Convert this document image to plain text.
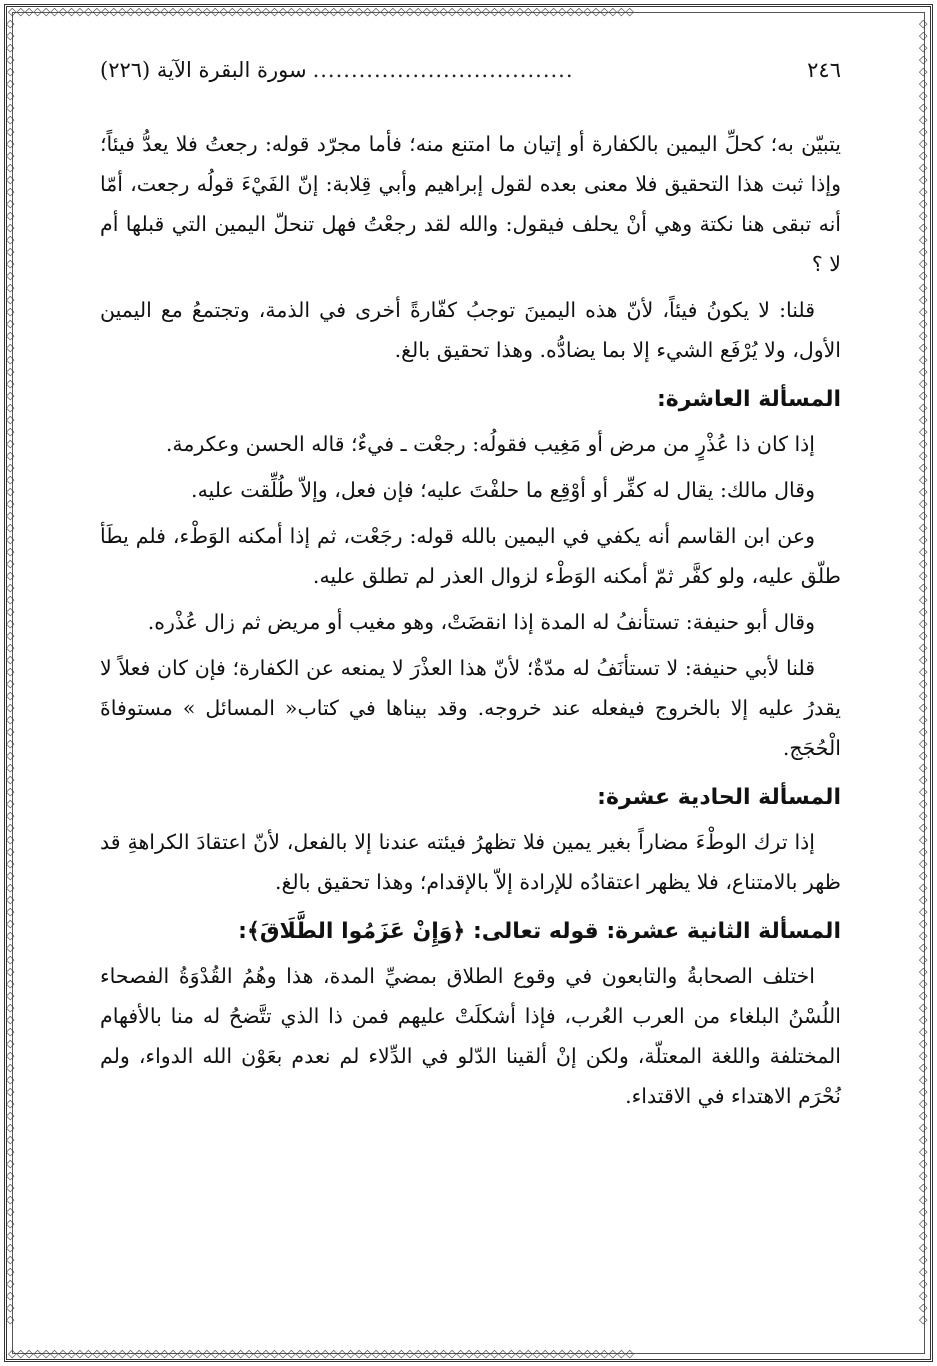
◇◇◇◇◇◇◇◇◇◇◇◇◇◇◇◇◇◇◇◇◇◇◇◇◇◇◇◇◇◇◇◇◇◇◇◇◇◇◇◇◇◇◇◇◇◇◇◇◇◇◇◇◇◇◇◇◇◇◇◇◇◇◇◇◇◇◇◇◇◇◇◇◇◇
◇◇◇◇◇◇◇◇◇◇◇◇◇◇◇◇◇◇◇◇◇◇◇◇◇◇◇◇◇◇◇◇◇◇◇◇◇◇◇◇◇◇◇◇◇◇◇◇◇◇◇◇◇◇◇◇◇◇◇◇◇◇◇◇◇◇◇◇◇◇◇◇◇◇
◇◇◇◇◇◇◇◇◇◇◇◇◇◇◇◇◇◇◇◇◇◇◇◇◇◇◇◇◇◇◇◇◇◇◇◇◇◇◇◇◇◇◇◇◇◇◇◇◇◇◇◇◇◇◇◇◇◇◇◇◇◇◇◇◇◇◇◇◇◇◇◇◇◇◇◇◇◇◇◇◇◇◇◇◇◇◇◇◇◇◇◇◇◇◇◇◇◇◇◇◇◇◇◇◇◇◇◇◇
◇◇◇◇◇◇◇◇◇◇◇◇◇◇◇◇◇◇◇◇◇◇◇◇◇◇◇◇◇◇◇◇◇◇◇◇◇◇◇◇◇◇◇◇◇◇◇◇◇◇◇◇◇◇◇◇◇◇◇◇◇◇◇◇◇◇◇◇◇◇◇◇◇◇◇◇◇◇◇◇◇◇◇◇◇◇◇◇◇◇◇◇◇◇◇◇◇◇◇◇◇◇◇◇◇◇◇◇◇
٢٤٦
..................................
سورة البقرة الآية (٢٢٦)

يتبيّن به؛ كحلِّ اليمين بالكفارة أو إتيان ما امتنع منه؛ فأما مجرّد قوله: رجعتُ فلا يعدُّ فيئاً؛ وإذا ثبت هذا التحقيق فلا معنى بعده لقول إبراهيم وأبي قِلابة: إنّ الفَيْءَ قولُه رجعت، أمّا أنه تبقى هنا نكتة وهي أنْ يحلف فيقول: والله لقد رجعْتُ فهل تنحلّ اليمين التي قبلها أم لا ؟

قلنا: لا يكونُ فيئاً، لأنّ هذه اليمينَ توجبُ كفّارةً أخرى في الذمة، وتجتمعُ مع اليمين الأول، ولا يُرْفَع الشيء إلا بما يضادُّه. وهذا تحقيق بالغ.

المسألة العاشرة:

إذا كان ذا عُذْرٍ من مرض أو مَغِيب فقولُه: رجعْت ـ فيءٌ؛ قاله الحسن وعكرمة.

وقال مالك: يقال له كفِّر أو أوْقِع ما حلفْتَ عليه؛ فإن فعل، وإلاّ طُلِّقت عليه.

وعن ابن القاسم أنه يكفي في اليمين بالله قوله: رجَعْت، ثم إذا أمكنه الوَطْء، فلم يطَأ طلّق عليه، ولو كفَّر ثمّ أمكنه الوَطْء لزوال العذر لم تطلق عليه.

وقال أبو حنيفة: تستأنفُ له المدة إذا انقضَتْ، وهو مغيب أو مريض ثم زال عُذْره.

قلنا لأبي حنيفة: لا تستأنَفُ له مدّةٌ؛ لأنّ هذا العذْرَ لا يمنعه عن الكفارة؛ فإن كان فعلاً لا يقدرُ عليه إلا بالخروج فيفعله عند خروجه. وقد بيناها في كتاب« المسائل » مستوفاةَ الْحُجَج.

المسألة الحادية عشرة:

إذا ترك الوطْءَ مضاراً بغير يمين فلا تظهرُ فيئته عندنا إلا بالفعل، لأنّ اعتقادَ الكراهةِ قد ظهر بالامتناع، فلا يظهر اعتقادُه للإرادة إلاّ بالإقدام؛ وهذا تحقيق بالغ.

المسألة الثانية عشرة: قوله تعالى: ﴿وَإِنْ عَزَمُوا الطَّلَاقَ﴾:

اختلف الصحابةُ والتابعون في وقوع الطلاق بمضيِّ المدة، هذا وهُمُ القُدْوَةُ الفصحاء اللُسْنُ البلغاء من العرب العُرب، فإذا أشكلَتْ عليهم فمن ذا الذي تتَّضحُ له منا بالأفهام المختلفة واللغة المعتلّة، ولكن إنْ ألقينا الدّلو في الدِّلاء لم نعدم بعَوْن الله الدواء، ولم نُحْرَم الاهتداء في الاقتداء.
